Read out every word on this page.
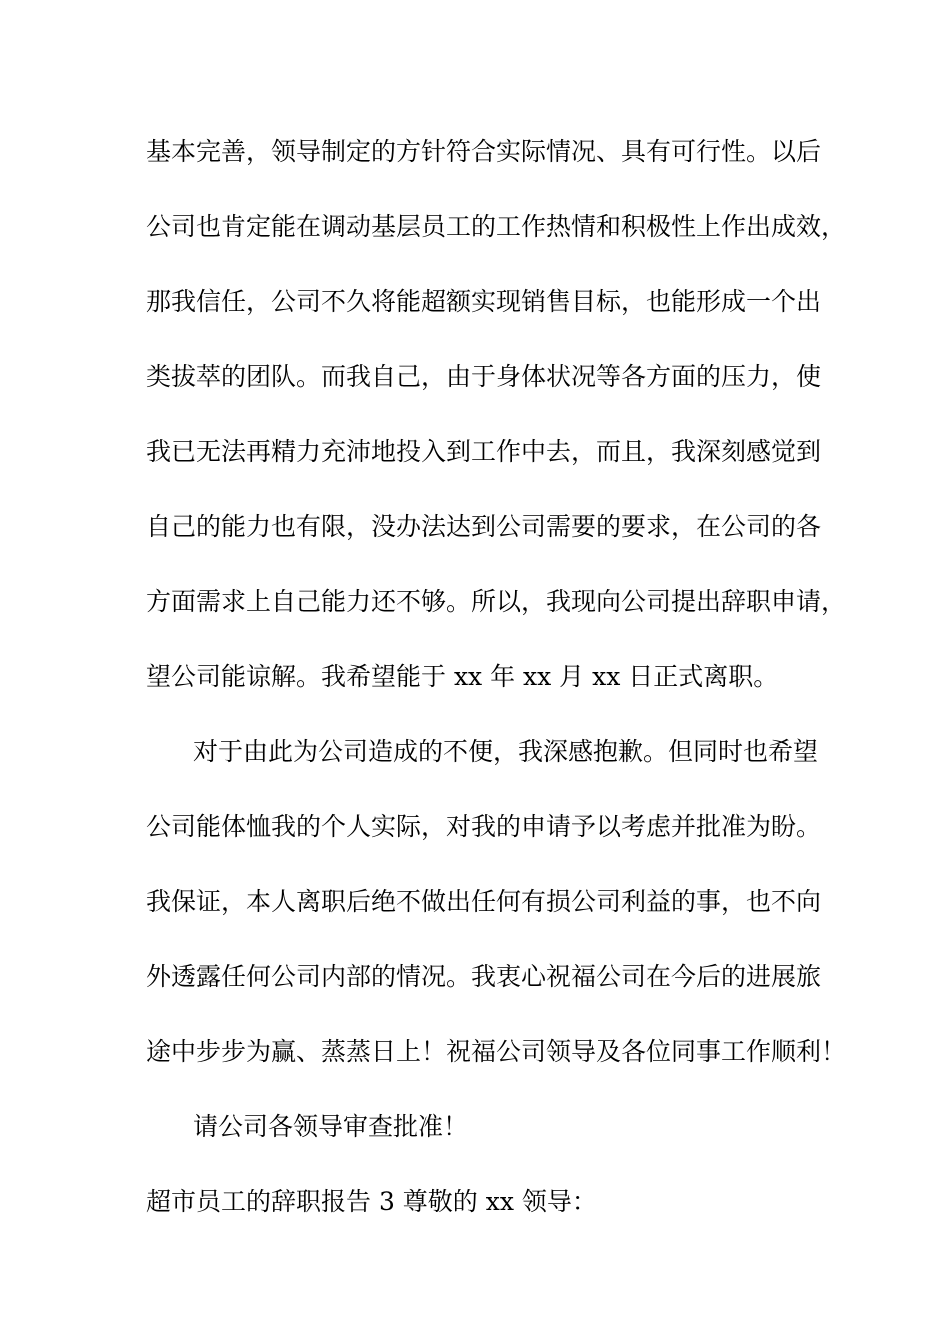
基本完善，领导制定的方针符合实际情况、具有可行性。以后
公司也肯定能在调动基层员工的工作热情和积极性上作出成效，
那我信任，公司不久将能超额实现销售目标，也能形成一个出
类拔萃的团队。而我自己，由于身体状况等各方面的压力，使
我已无法再精力充沛地投入到工作中去，而且，我深刻感觉到
自己的能力也有限，没办法达到公司需要的要求，在公司的各
方面需求上自己能力还不够。所以，我现向公司提出辞职申请，
望公司能谅解。我希望能于 xx 年 xx 月 xx 日正式离职。
对于由此为公司造成的不便，我深感抱歉。但同时也希望
公司能体恤我的个人实际，对我的申请予以考虑并批准为盼。
我保证，本人离职后绝不做出任何有损公司利益的事，也不向
外透露任何公司内部的情况。我衷心祝福公司在今后的进展旅
途中步步为赢、蒸蒸日上！祝福公司领导及各位同事工作顺利！
请公司各领导审查批准！
超市员工的辞职报告 3 尊敬的 xx 领导：
